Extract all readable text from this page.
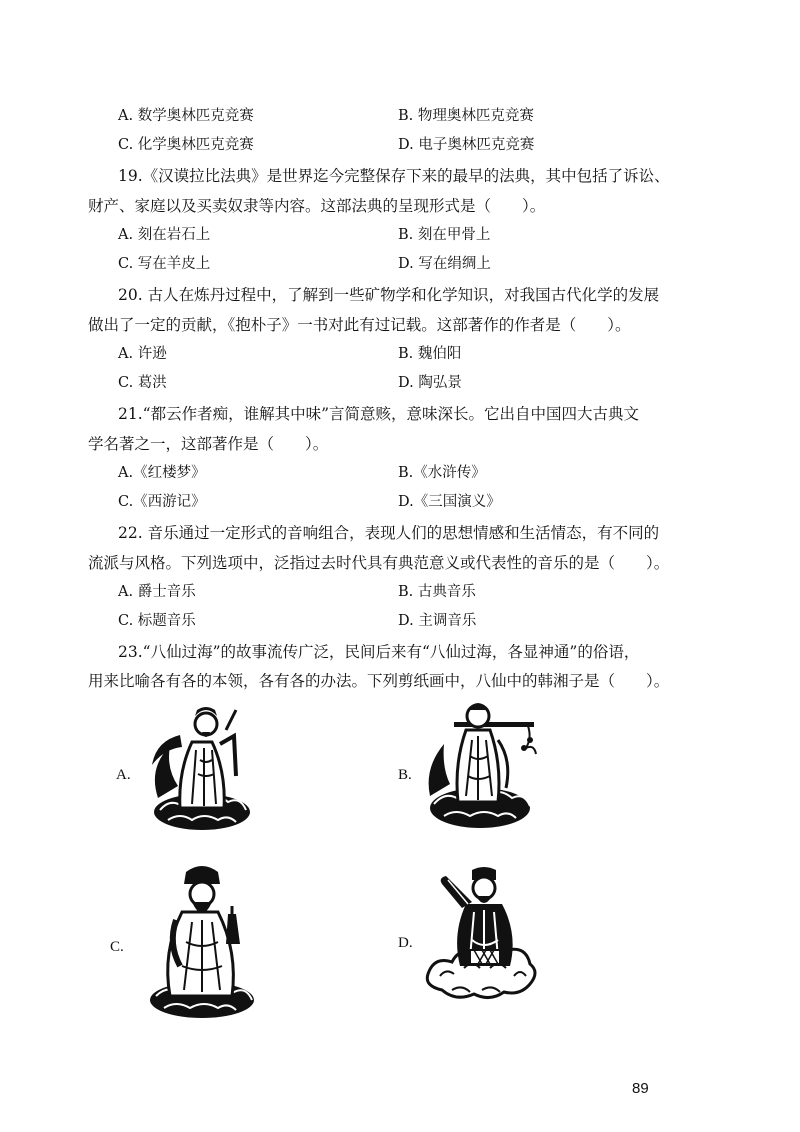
A. 数学奥林匹克竞赛	B. 物理奥林匹克竞赛
C. 化学奥林匹克竞赛	D. 电子奥林匹克竞赛
19.《汉谟拉比法典》是世界迄今完整保存下来的最早的法典，其中包括了诉讼、
财产、家庭以及买卖奴隶等内容。这部法典的呈现形式是（　　）。
A. 刻在岩石上	B. 刻在甲骨上
C. 写在羊皮上	D. 写在绢绸上
20. 古人在炼丹过程中，了解到一些矿物学和化学知识，对我国古代化学的发展
做出了一定的贡献，《抱朴子》一书对此有过记载。这部著作的作者是（　　）。
A. 许逊	B. 魏伯阳
C. 葛洪	D. 陶弘景
21.“都云作者痴，谁解其中味”言简意赅，意味深长。它出自中国四大古典文
学名著之一，这部著作是（　　）。
A.《红楼梦》	B.《水浒传》
C.《西游记》	D.《三国演义》
22. 音乐通过一定形式的音响组合，表现人们的思想情感和生活情态，有不同的
流派与风格。下列选项中，泛指过去时代具有典范意义或代表性的音乐的是（　　）。
A. 爵士音乐	B. 古典音乐
C. 标题音乐	D. 主调音乐
23.“八仙过海”的故事流传广泛，民间后来有“八仙过海，各显神通”的俗语，
用来比喻各有各的本领，各有各的办法。下列剪纸画中，八仙中的韩湘子是（　　）。
A.	B.
C.	D.
89
